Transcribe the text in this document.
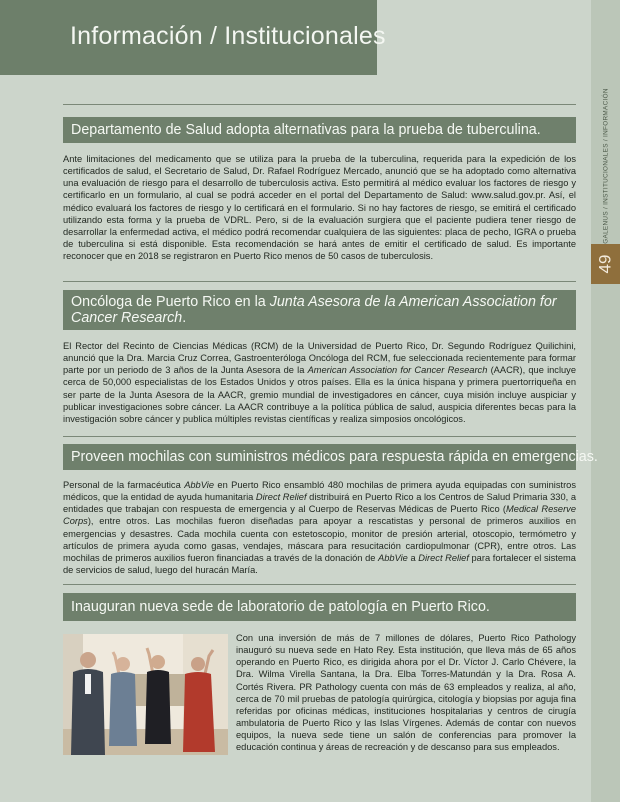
Información / Institucionales
GALENUS / INSTITUCIONALES / INFORMACIÓN
49
Departamento de Salud adopta alternativas para la prueba de tuberculina.

Ante limitaciones del medicamento que se utiliza para la prueba de la tuberculina, requerida para la expedición de los certificados de salud, el Secretario de Salud, Dr. Rafael Rodríguez Mercado, anunció que se ha adoptado como alternativa una evaluación de riesgo para el desarrollo de tuberculosis activa. Esto permitirá al médico evaluar los factores de riesgo y certificarlo en un formulario, al cual se podrá acceder en el portal del Departamento de Salud: www.salud.gov.pr. Así, el médico evaluará los factores de riesgo y lo certificará en el formulario. Si no hay factores de riesgo, se emitirá el certificado utilizando esta forma y la prueba de VDRL. Pero, si de la evaluación surgiera que el paciente pudiera tener riesgo de desarrollar la enfermedad activa, el médico podrá recomendar cualquiera de las siguientes: placa de pecho, IGRA o prueba de tuberculina si está disponible. Esta recomendación se hará antes de emitir el certificado de salud. Es importante reconocer que en 2018 se registraron en Puerto Rico menos de 50 casos de tuberculosis.

Oncóloga de Puerto Rico en la Junta Asesora de la American Association for Cancer Research.

El Rector del Recinto de Ciencias Médicas (RCM) de la Universidad de Puerto Rico, Dr. Segundo Rodríguez Quilichini, anunció que la Dra. Marcia Cruz Correa, Gastroenteróloga Oncóloga del RCM, fue seleccionada recientemente para formar parte por un periodo de 3 años de la Junta Asesora de la American Association for Cancer Research (AACR), que incluye cerca de 50,000 especialistas de los Estados Unidos y otros países. Ella es la única hispana y primera puertorriqueña en ser parte de la Junta Asesora de la AACR, gremio mundial de investigadores en cáncer, cuya misión incluye auspiciar y publicar investigaciones sobre cáncer. La AACR contribuye a la política pública de salud, auspicia diferentes becas para la investigación sobre cáncer y publica múltiples revistas científicas y realiza simposios oncológicos.

Proveen mochilas con suministros médicos para respuesta rápida en emergencias.

Personal de la farmacéutica AbbVie en Puerto Rico ensambló 480 mochilas de primera ayuda equipadas con suministros médicos, que la entidad de ayuda humanitaria Direct Relief distribuirá en Puerto Rico a los Centros de Salud Primaria 330, a entidades que trabajan con respuesta de emergencia y al Cuerpo de Reservas Médicas de Puerto Rico (Medical Reserve Corps), entre otros. Las mochilas fueron diseñadas para apoyar a rescatistas y personal de primeros auxilios en emergencias y desastres. Cada mochila cuenta con estetoscopio, monitor de presión arterial, otoscopio, termómetro y artículos de primera ayuda como gasas, vendajes, máscara para resucitación cardiopulmonar (CPR), entre otros. Las mochilas de primeros auxilios fueron financiadas a través de la donación de AbbVie a Direct Relief para fortalecer el sistema de servicios de salud, luego del huracán María.

Inauguran nueva sede de laboratorio de patología en Puerto Rico.

Con una inversión de más de 7 millones de dólares, Puerto Rico Pathology inauguró su nueva sede en Hato Rey. Esta institución, que lleva más de 65 años operando en Puerto Rico, es dirigida ahora por el Dr. Víctor J. Carlo Chévere, la Dra. Wilma Virella Santana, la Dra. Elba Torres-Matundán y la Dra. Rosa A. Cortés Rivera. PR Pathology cuenta con más de 63 empleados y realiza, al año, cerca de 70 mil pruebas de patología quirúrgica, citología y biopsias por aguja fina referidas por oficinas médicas, instituciones hospitalarias y centros de cirugía ambulatoria de Puerto Rico y las Islas Vírgenes. Además de contar con nuevos equipos, la nueva sede tiene un salón de conferencias para promover la educación continua y áreas de recreación y de descanso para sus empleados.
